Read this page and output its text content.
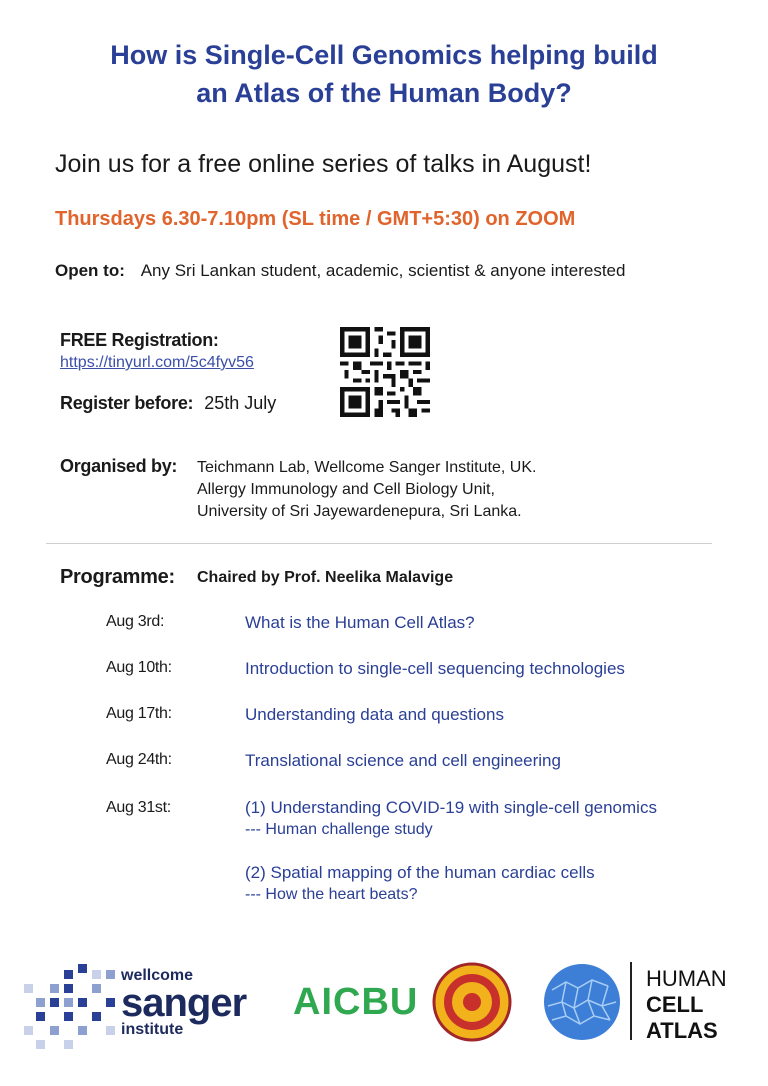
How is Single-Cell Genomics helping build
an Atlas of the Human Body?
Join us for a free online series of talks in August!
Thursdays 6.30-7.10pm (SL time / GMT+5:30) on ZOOM
Open to: Any Sri Lankan student, academic, scientist & anyone interested
FREE Registration:
https://tinyurl.com/5c4fyv56
Register before: 25th July
Organised by: Teichmann Lab, Wellcome Sanger Institute, UK.
Allergy Immunology and Cell Biology Unit,
University of Sri Jayewardenepura, Sri Lanka.
Programme: Chaired by Prof. Neelika Malavige
Aug 3rd:	What is the Human Cell Atlas?
Aug 10th:	Introduction to single-cell sequencing technologies
Aug 17th:	Understanding data and questions
Aug 24th:	Translational science and cell engineering
Aug 31st:	(1) Understanding COVID-19 with single-cell genomics
--- Human challenge study
(2) Spatial mapping of the human cardiac cells
--- How the heart beats?
wellcome
sanger
institute
AICBU
HUMAN
CELL
ATLAS
